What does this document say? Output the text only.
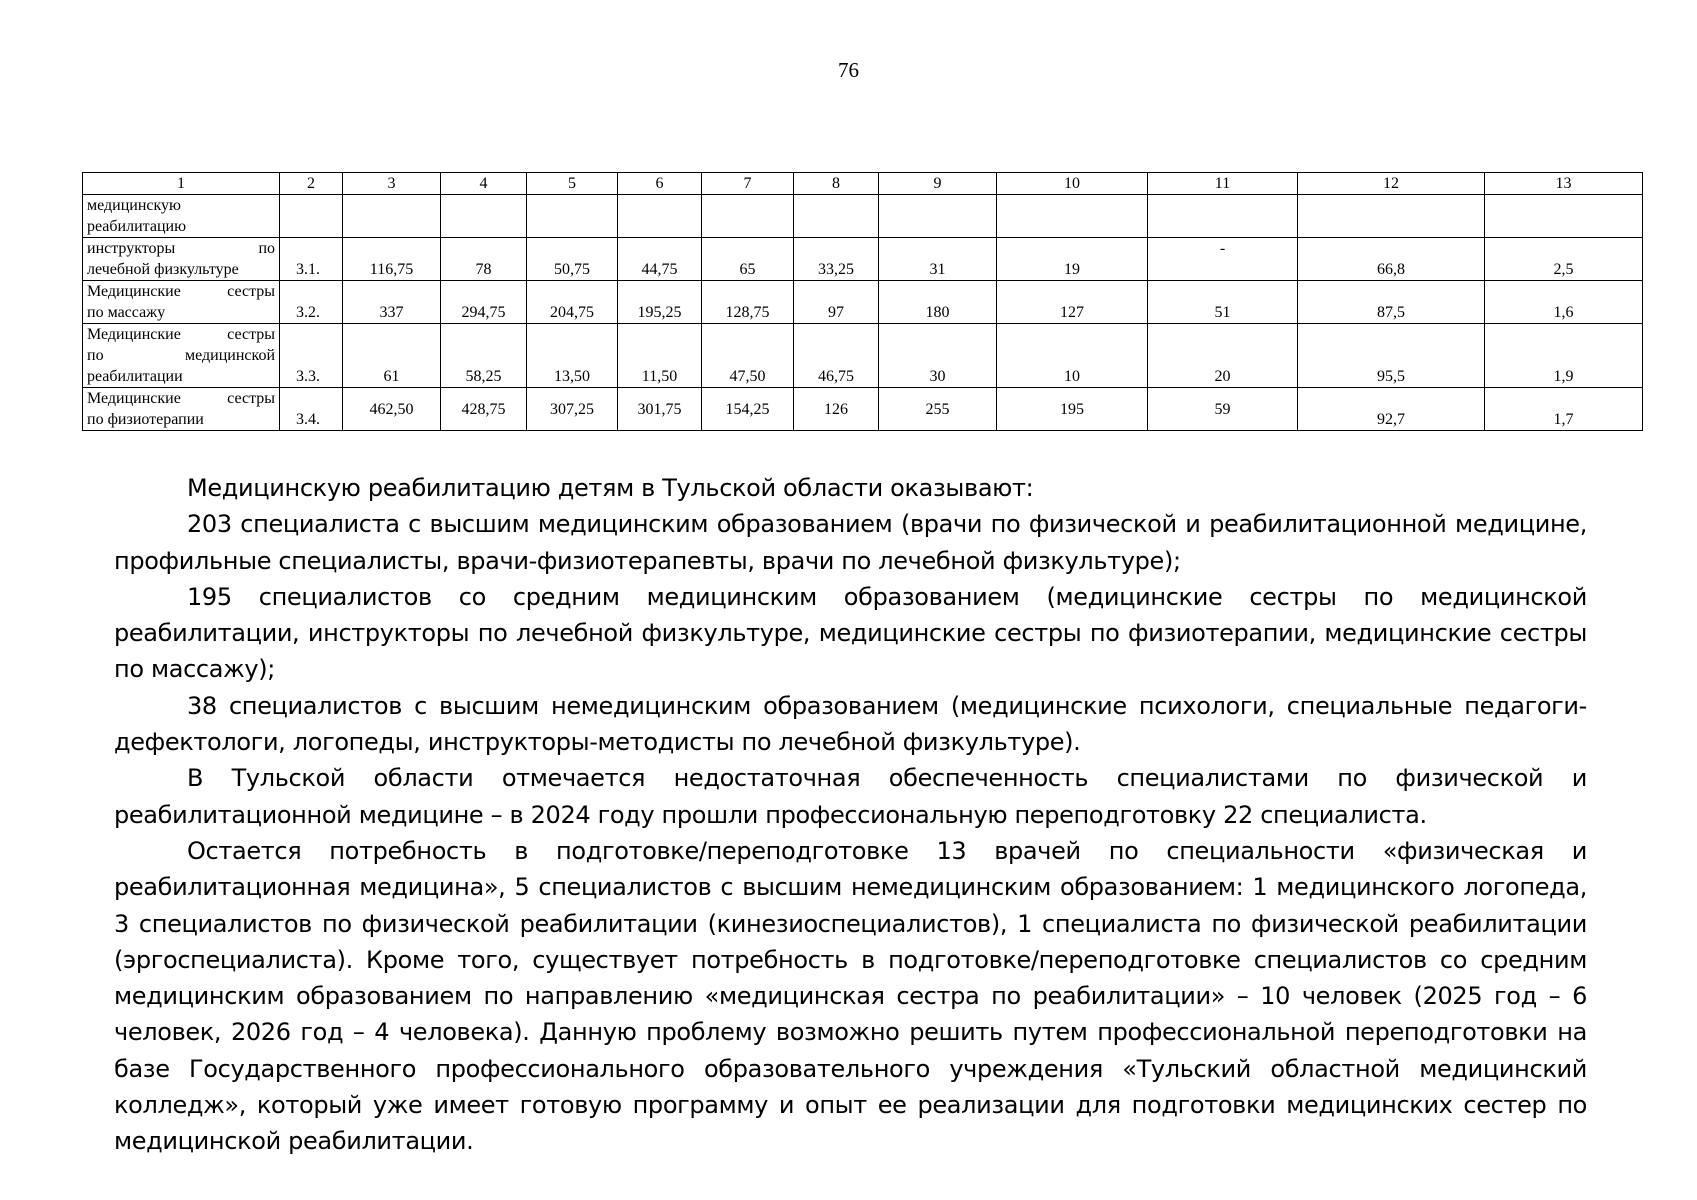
76
1	2	3	4	5	6	7	8	9	10	11	12	13

медицинскую
реабилитацию												

инструкторы по
лечебной физкультуре	3.1.	116,75	78	50,75	44,75	65	33,25	31	19	-	66,8	2,5

Медицинские сестры
по массажу	3.2.	337	294,75	204,75	195,25	128,75	97	180	127	51	87,5	1,6

Медицинские сестры
по медицинской
реабилитации	3.3.	61	58,25	13,50	11,50	47,50	46,75	30	10	20	95,5	1,9

Медицинские сестры
по физиотерапии	3.4.	462,50	428,75	307,25	301,75	154,25	126	255	195	59	92,7	1,7

Медицинскую реабилитацию детям в Тульской области оказывают:

203 специалиста с высшим медицинским образованием (врачи по физической и реабилитационной медицине, профильные специалисты, врачи-физиотерапевты, врачи по лечебной физкультуре);

195 специалистов со средним медицинским образованием (медицинские сестры по медицинской реабилитации, инструкторы по лечебной физкультуре, медицинские сестры по физиотерапии, медицинские сестры по массажу);

38 специалистов с высшим немедицинским образованием (медицинские психологи, специальные педагоги-дефектологи, логопеды, инструкторы-методисты по лечебной физкультуре).

В Тульской области отмечается недостаточная обеспеченность специалистами по физической и реабилитационной медицине – в 2024 году прошли профессиональную переподготовку 22 специалиста.

Остается потребность в подготовке/переподготовке 13 врачей по специальности «физическая и реабилитационная медицина», 5 специалистов с высшим немедицинским образованием: 1 медицинского логопеда, 3 специалистов по физической реабилитации (кинезиоспециалистов), 1 специалиста по физической реабилитации (эргоспециалиста). Кроме того, существует потребность в подготовке/переподготовке специалистов со средним медицинским образованием по направлению «медицинская сестра по реабилитации» – 10 человек (2025 год – 6 человек, 2026 год – 4 человека). Данную проблему возможно решить путем профессиональной переподготовки на базе Государственного профессионального образовательного учреждения «Тульский областной медицинский колледж», который уже имеет готовую программу и опыт ее реализации для подготовки медицинских сестер по медицинской реабилитации.
